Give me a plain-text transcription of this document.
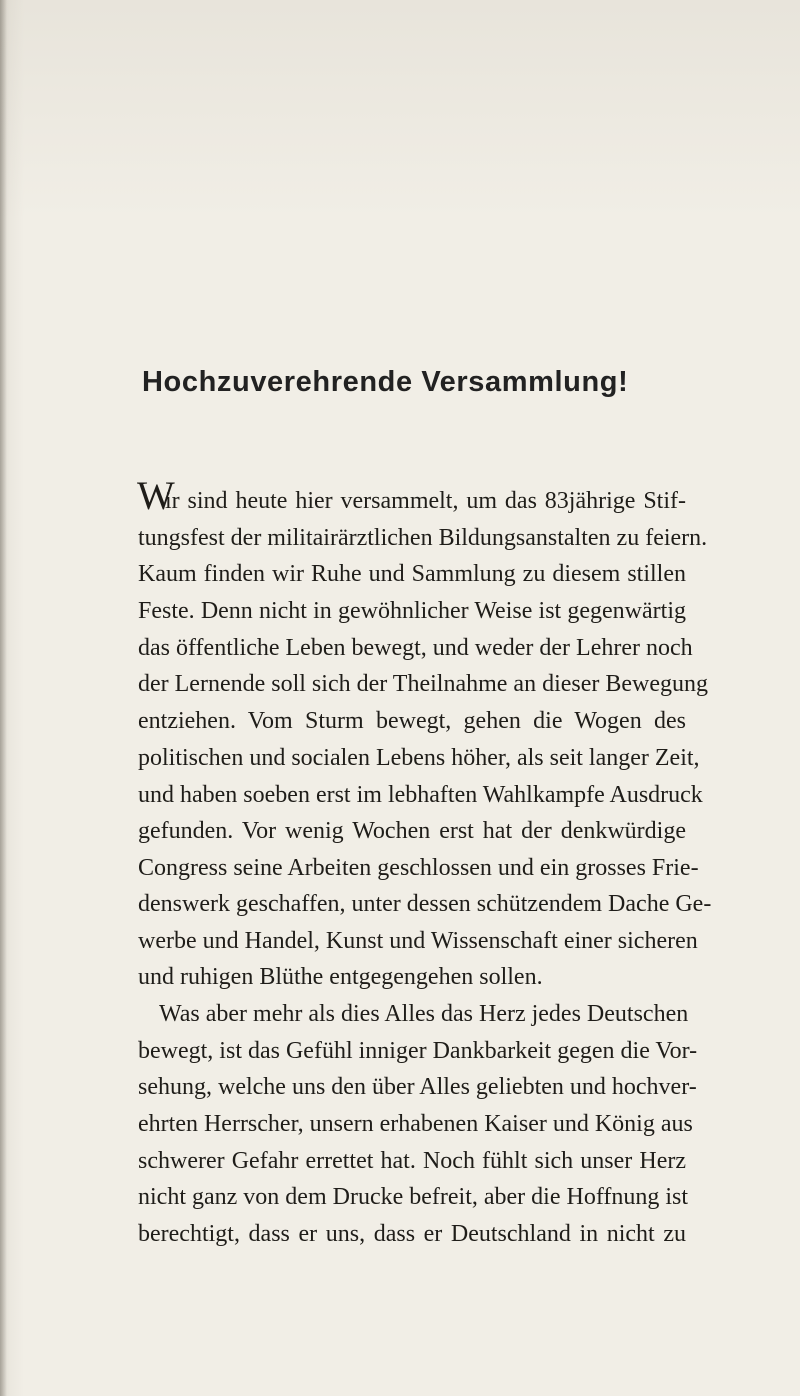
Hochzuverehrende Versammlung!
W
ir sind heute hier versammelt, um das 83jährige Stif-
tungsfest der militairärztlichen Bildungsanstalten zu feiern.
Kaum finden wir Ruhe und Sammlung zu diesem stillen
Feste. Denn nicht in gewöhnlicher Weise ist gegenwärtig
das öffentliche Leben bewegt, und weder der Lehrer noch
der Lernende soll sich der Theilnahme an dieser Bewegung
entziehen. Vom Sturm bewegt, gehen die Wogen des
politischen und socialen Lebens höher, als seit langer Zeit,
und haben soeben erst im lebhaften Wahlkampfe Ausdruck
gefunden. Vor wenig Wochen erst hat der denkwürdige
Congress seine Arbeiten geschlossen und ein grosses Frie-
denswerk geschaffen, unter dessen schützendem Dache Ge-
werbe und Handel, Kunst und Wissenschaft einer sicheren
und ruhigen Blüthe entgegengehen sollen.
Was aber mehr als dies Alles das Herz jedes Deutschen
bewegt, ist das Gefühl inniger Dankbarkeit gegen die Vor-
sehung, welche uns den über Alles geliebten und hochver-
ehrten Herrscher, unsern erhabenen Kaiser und König aus
schwerer Gefahr errettet hat. Noch fühlt sich unser Herz
nicht ganz von dem Drucke befreit, aber die Hoffnung ist
berechtigt, dass er uns, dass er Deutschland in nicht zu
